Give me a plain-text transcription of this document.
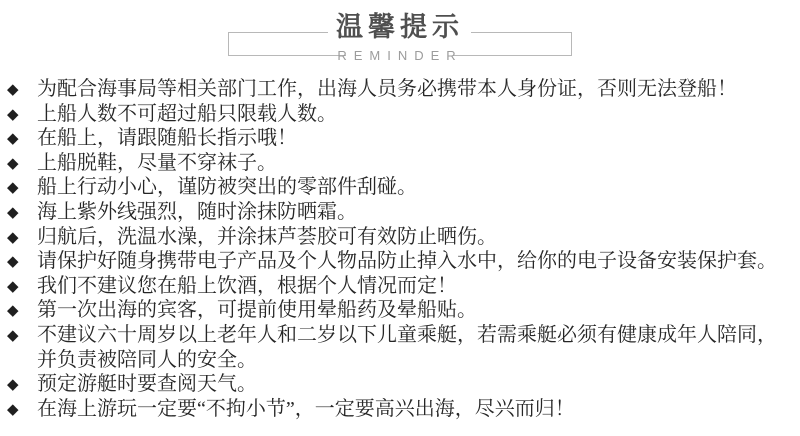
温馨提示
REMINDER
◆ 为配合海事局等相关部门工作，出海人员务必携带本人身份证，否则无法登船！
◆ 上船人数不可超过船只限载人数。
◆ 在船上，请跟随船长指示哦！
◆ 上船脱鞋，尽量不穿袜子。
◆ 船上行动小心，谨防被突出的零部件刮碰。
◆ 海上紫外线强烈，随时涂抹防晒霜。
◆ 归航后，洗温水澡，并涂抹芦荟胶可有效防止晒伤。
◆ 请保护好随身携带电子产品及个人物品防止掉入水中，给你的电子设备安装保护套。
◆ 我们不建议您在船上饮酒，根据个人情况而定！
◆ 第一次出海的宾客，可提前使用晕船药及晕船贴。
◆ 不建议六十周岁以上老年人和二岁以下儿童乘艇，若需乘艇必须有健康成年人陪同，并负责被陪同人的安全。
◆ 预定游艇时要查阅天气。
◆ 在海上游玩一定要“不拘小节”，一定要高兴出海，尽兴而归！
